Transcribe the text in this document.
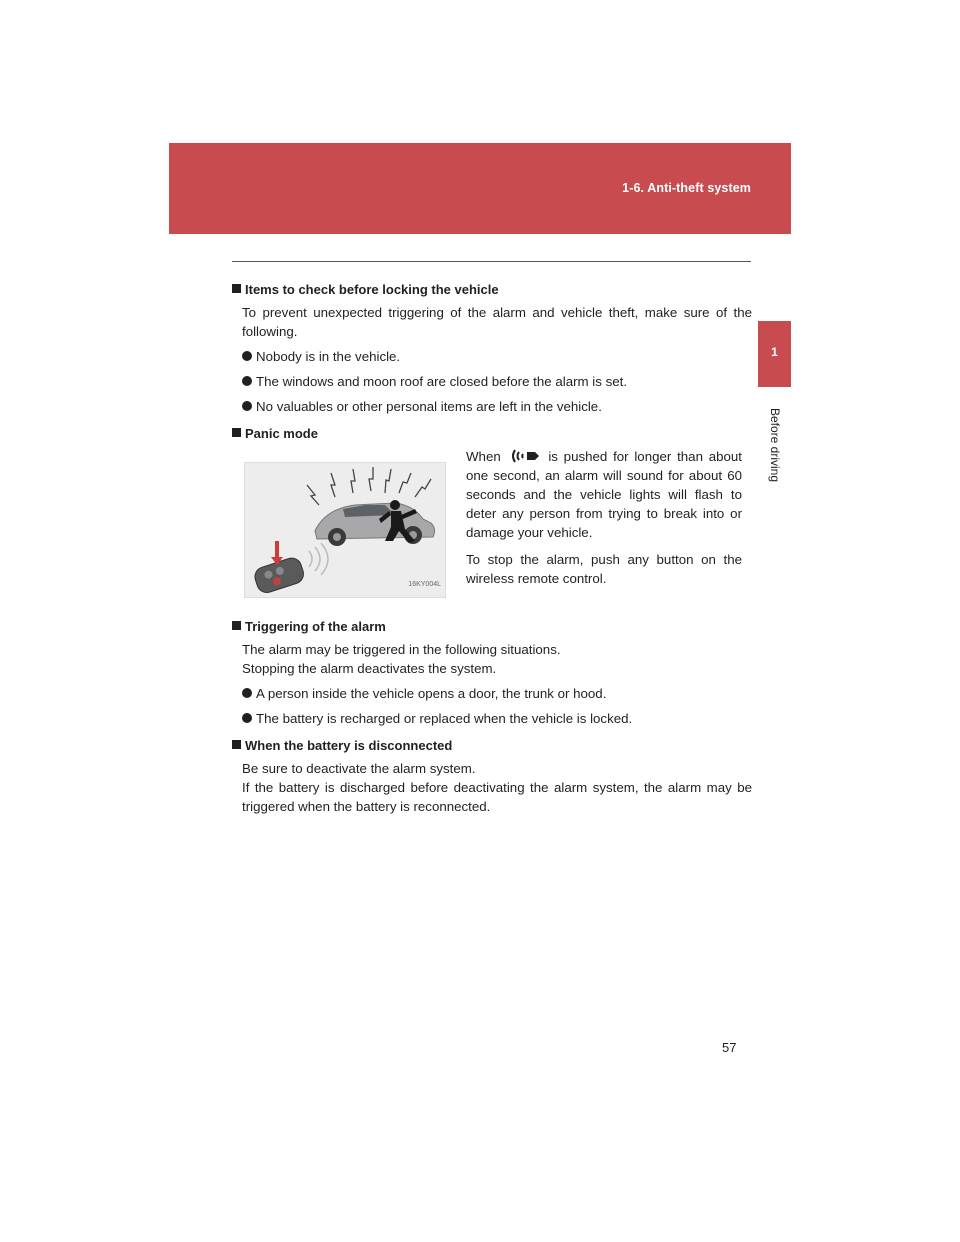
1-6. Anti-theft system
1
Before driving
Items to check before locking the vehicle
To prevent unexpected triggering of the alarm and vehicle theft, make sure of the following.
Nobody is in the vehicle.
The windows and moon roof are closed before the alarm is set.
No valuables or other personal items are left in the vehicle.
Panic mode
16KY004L

When	is pushed for longer than about one second, an alarm will sound for about 60 seconds and the vehicle lights will flash to deter any person from trying to break into or damage your vehicle.

To stop the alarm, push any button on the wireless remote control.

Triggering of the alarm
The alarm may be triggered in the following situations.
Stopping the alarm deactivates the system.
A person inside the vehicle opens a door, the trunk or hood.
The battery is recharged or replaced when the vehicle is locked.
When the battery is disconnected
Be sure to deactivate the alarm system.
If the battery is discharged before deactivating the alarm system, the alarm may be triggered when the battery is reconnected.
57
